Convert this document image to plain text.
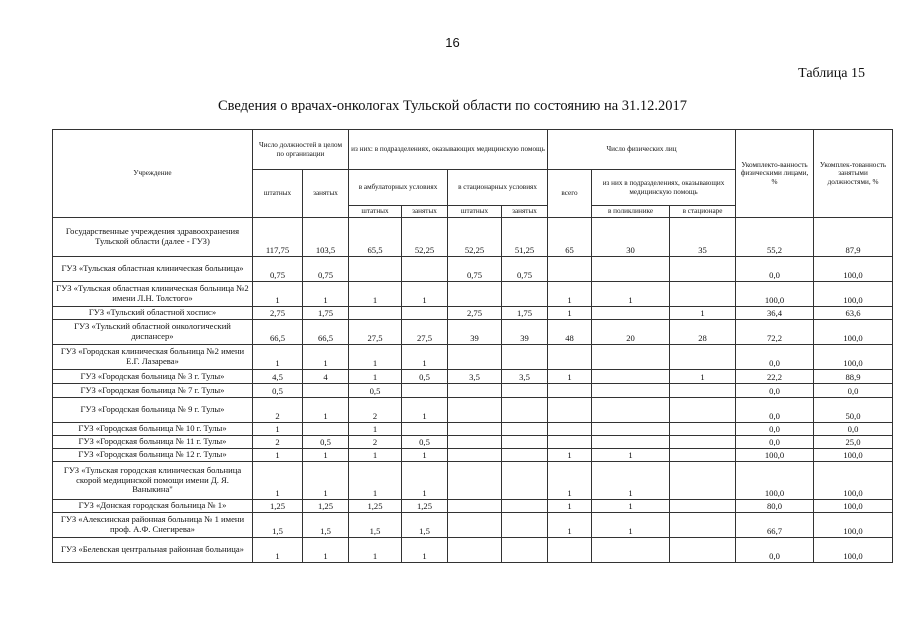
16
Таблица 15
Сведения о врачах-онкологах Тульской области по состоянию на 31.12.2017
Учреждение	Число должностей в целом по организации		из них: в подразделениях, оказывающих медицинскую помощь				Число физических лиц			Укомплекто-ванность физическими лицами, %	Укомплек-тованность занятыми должностями, %
	штатных	занятых	в амбулаторных условиях		в стационарных условиях		всего	из них в подразделениях, оказывающих медицинскую помощь			
			штатных	занятых	штатных	занятых		в поликлинике	в стационаре		
Государственные учреждения здравоохранения Тульской области (далее - ГУЗ)	117,75	103,5	65,5	52,25	52,25	51,25	65	30	35	55,2	87,9
ГУЗ «Тульская областная клиническая больница»	0,75	0,75			0,75	0,75				0,0	100,0
ГУЗ «Тульская областная клиническая больница №2 имени Л.Н. Толстого»	1	1	1	1			1	1		100,0	100,0
ГУЗ «Тульский областной хоспис»	2,75	1,75			2,75	1,75	1		1	36,4	63,6
ГУЗ «Тульский областной онкологический диспансер»	66,5	66,5	27,5	27,5	39	39	48	20	28	72,2	100,0
ГУЗ «Городская клиническая больница №2 имени Е.Г. Лазарева»	1	1	1	1						0,0	100,0
ГУЗ «Городская больница № 3 г. Тулы»	4,5	4	1	0,5	3,5	3,5	1		1	22,2	88,9
ГУЗ «Городская больница № 7 г. Тулы»	0,5		0,5							0,0	0,0
ГУЗ «Городская больница № 9 г. Тулы»	2	1	2	1						0,0	50,0
ГУЗ «Городская больница № 10 г. Тулы»	1		1							0,0	0,0
ГУЗ «Городская больница № 11 г. Тулы»	2	0,5	2	0,5						0,0	25,0
ГУЗ «Городская больница № 12 г. Тулы»	1	1	1	1			1	1		100,0	100,0
ГУЗ «Тульская городская клиническая больница скорой медицинской помощи имени Д. Я. Ваныкина"	1	1	1	1			1	1		100,0	100,0
ГУЗ «Донская городская больница № 1»	1,25	1,25	1,25	1,25			1	1		80,0	100,0
ГУЗ «Алексинская районная больница № 1 имени проф. А.Ф. Снегирева»	1,5	1,5	1,5	1,5			1	1		66,7	100,0
ГУЗ «Белевская центральная районная больница»	1	1	1	1						0,0	100,0
